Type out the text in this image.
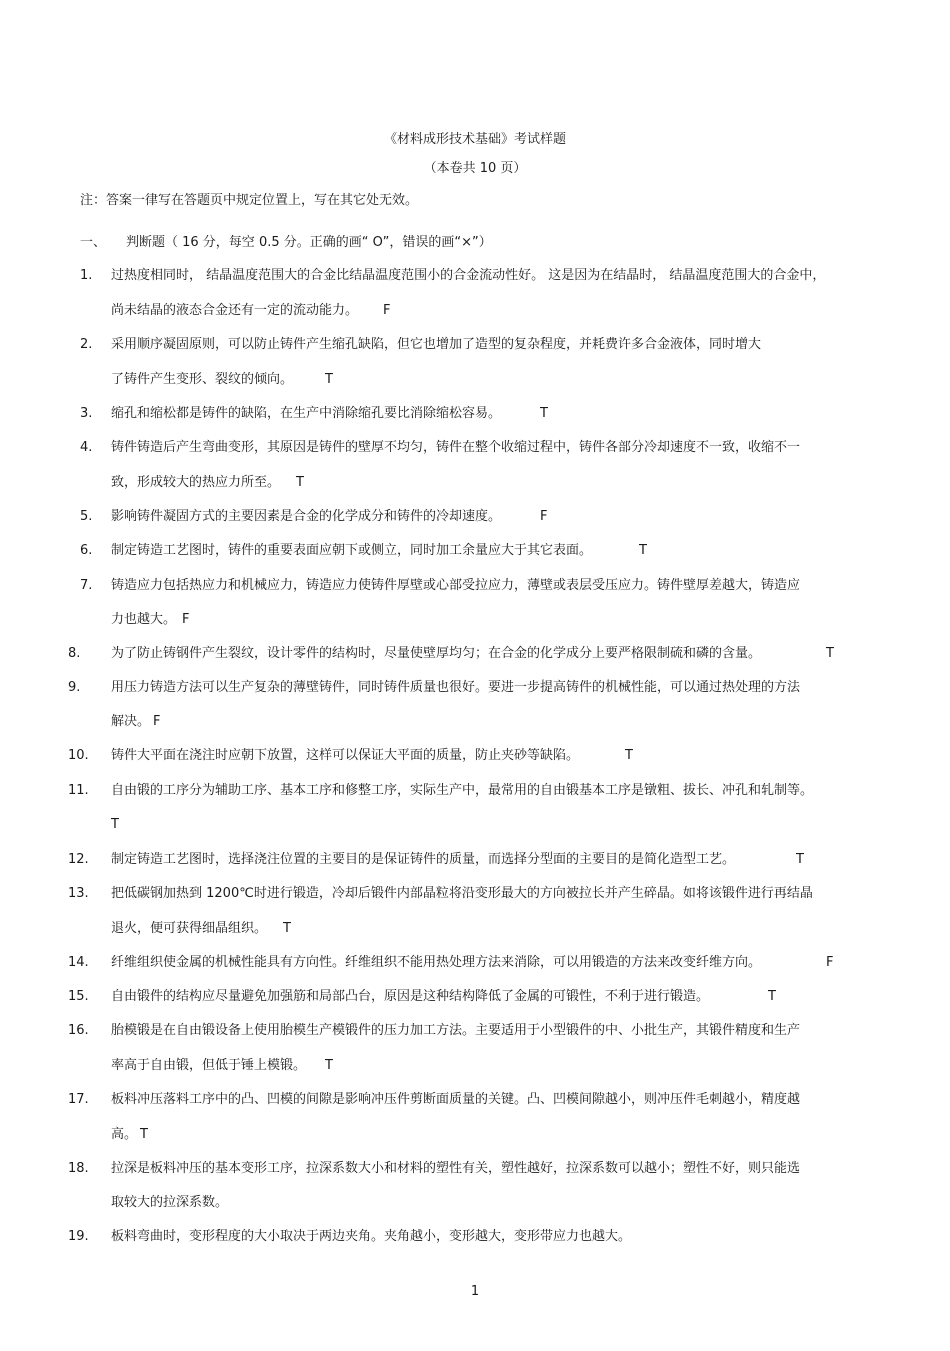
《材料成形技术基础》考试样题
（本卷共 10 页）
注：答案一律写在答题页中规定位置上，写在其它处无效。
一、 判断题（ 16 分，每空 0.5 分。正确的画“ O”，错误的画“×”）
1. 过热度相同时， 结晶温度范围大的合金比结晶温度范围小的合金流动性好。 这是因为在结晶时， 结晶温度范围大的合金中，
尚未结晶的液态合金还有一定的流动能力。 F
2. 采用顺序凝固原则，可以防止铸件产生缩孔缺陷，但它也增加了造型的复杂程度，并耗费许多合金液体，同时增大
了铸件产生变形、裂纹的倾向。 T
3. 缩孔和缩松都是铸件的缺陷，在生产中消除缩孔要比消除缩松容易。	T
4. 铸件铸造后产生弯曲变形，其原因是铸件的壁厚不均匀，铸件在整个收缩过程中，铸件各部分冷却速度不一致，收缩不一
致，形成较大的热应力所至。 T
5. 影响铸件凝固方式的主要因素是合金的化学成分和铸件的冷却速度。	F
6. 制定铸造工艺图时，铸件的重要表面应朝下或侧立，同时加工余量应大于其它表面。	T
7. 铸造应力包括热应力和机械应力，铸造应力使铸件厚壁或心部受拉应力，薄壁或表层受压应力。铸件壁厚差越大，铸造应
力也越大。 F
8. 为了防止铸钢件产生裂纹，设计零件的结构时，尽量使壁厚均匀；在合金的化学成分上要严格限制硫和磷的含量。	T
9. 用压力铸造方法可以生产复杂的薄壁铸件，同时铸件质量也很好。要进一步提高铸件的机械性能，可以通过热处理的方法
解决。 F
10. 铸件大平面在浇注时应朝下放置，这样可以保证大平面的质量，防止夹砂等缺陷。	T
11. 自由锻的工序分为辅助工序、基本工序和修整工序，实际生产中，最常用的自由锻基本工序是镦粗、拔长、冲孔和轧制等。
T
12. 制定铸造工艺图时，选择浇注位置的主要目的是保证铸件的质量，而选择分型面的主要目的是简化造型工艺。	T
13. 把低碳钢加热到 1200℃时进行锻造，冷却后锻件内部晶粒将沿变形最大的方向被拉长并产生碎晶。如将该锻件进行再结晶
退火，便可获得细晶组织。 T
14. 纤维组织使金属的机械性能具有方向性。纤维组织不能用热处理方法来消除，可以用锻造的方法来改变纤维方向。	F
15. 自由锻件的结构应尽量避免加强筋和局部凸台，原因是这种结构降低了金属的可锻性，不利于进行锻造。	T
16. 胎模锻是在自由锻设备上使用胎模生产模锻件的压力加工方法。主要适用于小型锻件的中、小批生产，其锻件精度和生产
率高于自由锻，但低于锤上模锻。 T
17. 板料冲压落料工序中的凸、凹模的间隙是影响冲压件剪断面质量的关键。凸、凹模间隙越小，则冲压件毛刺越小，精度越
高。 T
18. 拉深是板料冲压的基本变形工序，拉深系数大小和材料的塑性有关，塑性越好，拉深系数可以越小；塑性不好，则只能选
取较大的拉深系数。
19. 板料弯曲时，变形程度的大小取决于两边夹角。夹角越小，变形越大，变形带应力也越大。
1
